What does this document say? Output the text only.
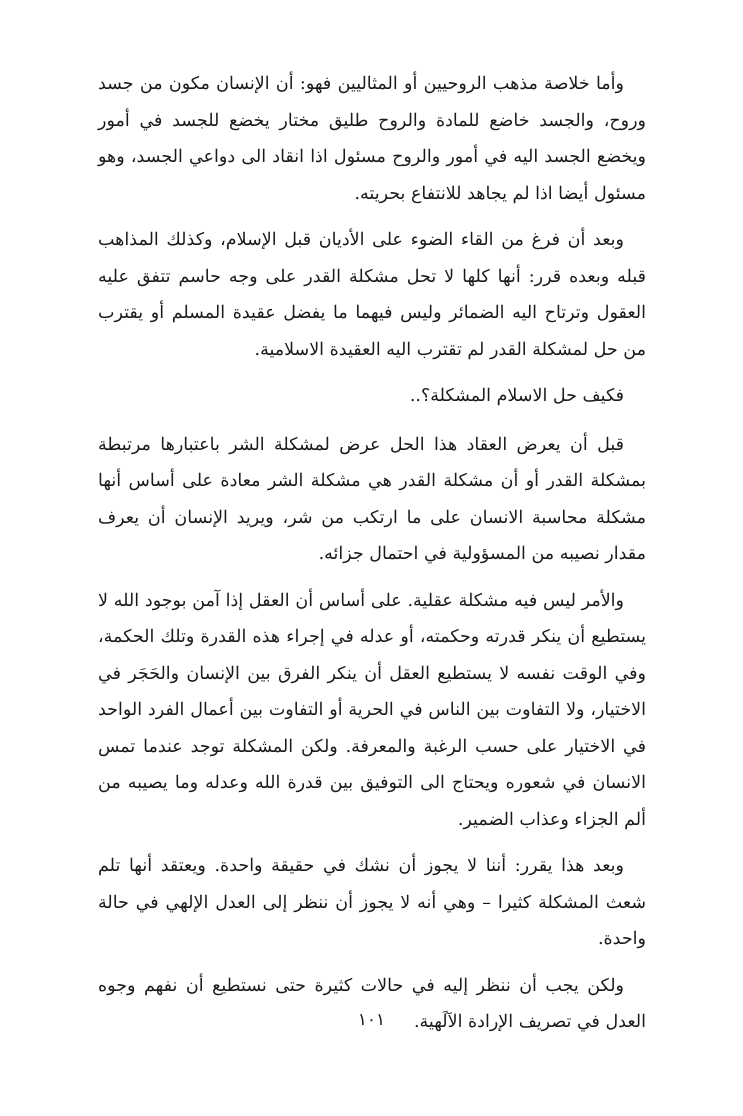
وأما خلاصة مذهب الروحيين أو المثاليين فهو: أن الإنسان مكون من جسد وروح، والجسد خاضع للمادة والروح طليق مختار يخضع للجسد في أمور ويخضع الجسد اليه في أمور والروح مسئول اذا انقاد الى دواعي الجسد، وهو مسئول أيضا اذا لم يجاهد للانتفاع بحريته.

وبعد أن فرغ من القاء الضوء على الأديان قبل الإسلام، وكذلك المذاهب قبله وبعده قرر: أنها كلها لا تحل مشكلة القدر على وجه حاسم تتفق عليه العقول وترتاح اليه الضمائر وليس فيهما ما يفضل عقيدة المسلم أو يقترب من حل لمشكلة القدر لم تقترب اليه العقيدة الاسلامية.

فكيف حل الاسلام المشكلة؟..

قبل أن يعرض العقاد هذا الحل عرض لمشكلة الشر باعتبارها مرتبطة بمشكلة القدر أو أن مشكلة القدر هي مشكلة الشر معادة على أساس أنها مشكلة محاسبة الانسان على ما ارتكب من شر، ويريد الإنسان أن يعرف مقدار نصيبه من المسؤولية في احتمال جزائه.

والأمر ليس فيه مشكلة عقلية. على أساس أن العقل إذا آمن بوجود الله لا يستطيع أن ينكر قدرته وحكمته، أو عدله في إجراء هذه القدرة وتلك الحكمة، وفي الوقت نفسه لا يستطيع العقل أن ينكر الفرق بين الإنسان والحَجَر في الاختيار، ولا التفاوت بين الناس في الحرية أو التفاوت بين أعمال الفرد الواحد في الاختيار على حسب الرغبة والمعرفة. ولكن المشكلة توجد عندما تمس الانسان في شعوره ويحتاج الى التوفيق بين قدرة الله وعدله وما يصيبه من ألم الجزاء وعذاب الضمير.

وبعد هذا يقرر: أننا لا يجوز أن نشك في حقيقة واحدة. ويعتقد أنها تلم شعث المشكلة كثيرا – وهي أنه لا يجوز أن ننظر إلى العدل الإلهي في حالة واحدة.

ولكن يجب أن ننظر إليه في حالات كثيرة حتى نستطيع أن نفهم وجوه العدل في تصريف الإرادة الآلَهية.

١٠١
